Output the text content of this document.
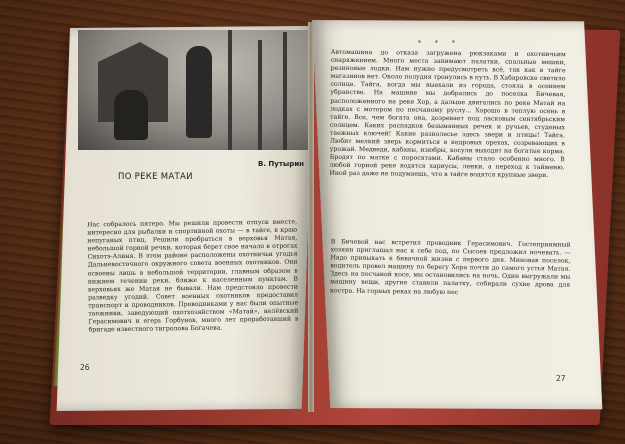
В. Путырин
ПО РЕКЕ МАТАИ

Нас собралось пятеро. Мы решили провести отпуск вместе, интересно для рыбалки и спортивной охоты — в тайге, в краю непуганых птиц. Решили пробраться в верховья Матая, небольшой горной речки, которая берет свое начало в отрогах Сихотэ-Алиня. В этом районе расположены охотничьи угодья Дальневосточного окружного совета военных охотников. Они освоены лишь в небольшой территории, главным образом в нижнем течении реки, ближе к населенным пунктам. В верховьях же Матая не бывали. Нам предстояло провести разведку угодий. Совет военных охотников предоставил транспорт и проводников. Проводниками у нас были опытные таежники, заведующий охотхозяйством «Матай», нелёвский Герасимович и егерь Горбунов, много лет проработавший в бригаде известного тигролова Богачева.

26
* * *

Автомашина до отказа загружена рюкзаками и охотничьим снаряжением. Много места занимают палатки, спальные мешки, резиновые лодки. Нам нужно предусмотреть всё, так как в тайге магазинов нет. Около полудня тронулись в путь. В Хабаровске светило солнце. Тайга, когда мы выехали из города, стояла в осеннем убранстве. На машине мы добрались до поселка Бичевая, расположенного на реке Хор, а дальше двигались по реке Матай на лодках с мотором по песчаному руслу... Хорошо в теплую осень в тайге. Все, чем богата она, дозревает под ласковым сентябрьским солнцем. Каких распадков безымянных речек и ручьев, студеных таежных ключей! Какие разнолесье здесь звери и птицы! Тайга. Любит мелкий зверь кормиться в кедровых орехах, созревающих в урожай. Медведи, кабаны, изюбры, косули выходят на богатые корма. Бродят по матке с поросятами. Кабаны стало особенно много. В любой горной реке водятся хариусы, ленки, а переход к тайменю. Иной раз даже не подумаешь, что в тайге водятся крупные звери.

В Бичевой нас встретил проводник Герасимович. Гостеприимный хозяин приглашал нас к себе под, по Сысоев предложил ночевать. — Надо привыкать к бивачной жизни с первого дня. Миновав поселок, водитель провел машину по берегу Хора почти до самого устья Матая. Здесь на песчаной косе, мы остановились на ночь. Один выгружали мы машину вещи, другие ставили палатку, собирали сухие дрова для костра. На горных реках на любую пес

27
